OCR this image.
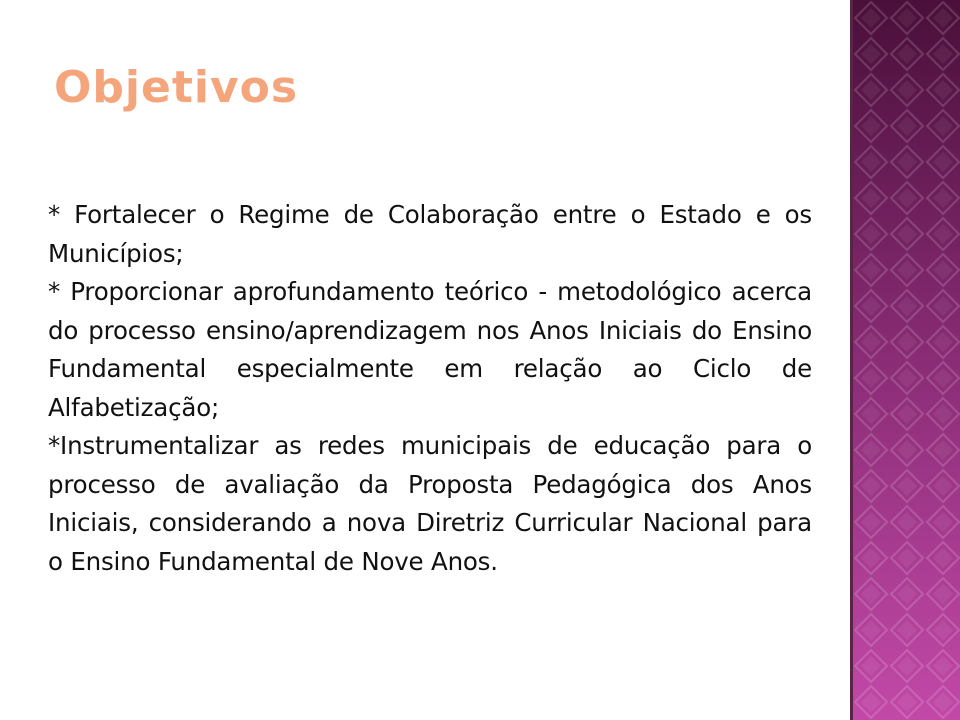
Objetivos

* Fortalecer o Regime de Colaboração entre o Estado e os Municípios;

* Proporcionar aprofundamento teórico - metodológico acerca do processo ensino/aprendizagem nos Anos Iniciais do Ensino Fundamental especialmente em relação ao Ciclo de Alfabetização;

*Instrumentalizar as redes municipais de educação para o processo de avaliação da Proposta Pedagógica dos Anos Iniciais, considerando a nova Diretriz Curricular Nacional para o Ensino Fundamental de Nove Anos.
